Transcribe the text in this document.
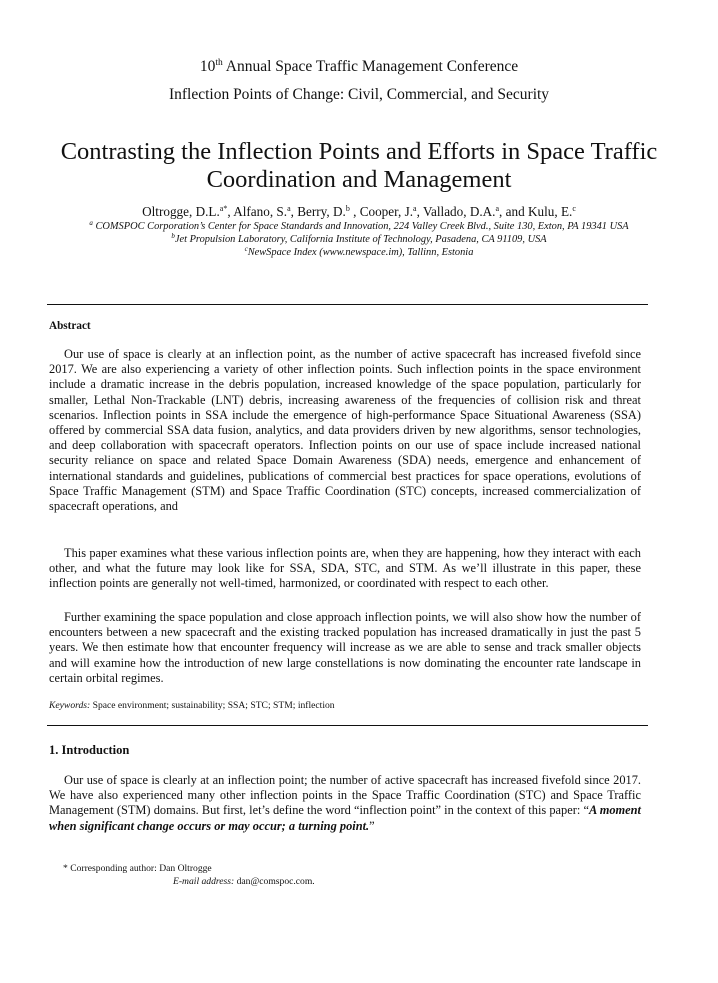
10th Annual Space Traffic Management Conference
Inflection Points of Change: Civil, Commercial, and Security
Contrasting the Inflection Points and Efforts in Space Traffic
Coordination and Management
Oltrogge, D.L.$^{a*}$, Alfano, S.$^a$, Berry, D.$^b$ , Cooper, J.$^a$, Vallado, D.A.$^a$, and Kulu, E.$^c$
$^a$ COMSPOC Corporation’s Center for Space Standards and Innovation, 224 Valley Creek Blvd., Suite 130, Exton, PA 19341 USA
$^b$Jet Propulsion Laboratory, California Institute of Technology, Pasadena, CA 91109, USA
$^c$NewSpace Index (www.newspace.im), Tallinn, Estonia
Abstract

Our use of space is clearly at an inflection point, as the number of active spacecraft has increased fivefold since 2017. We are also experiencing a variety of other inflection points. Such inflection points in the space environment include a dramatic increase in the debris population, increased knowledge of the space population, particularly for smaller, Lethal Non-Trackable (LNT) debris, increasing awareness of the frequencies of collision risk and threat scenarios. Inflection points in SSA include the emergence of high-performance Space Situational Awareness (SSA) offered by commercial SSA data fusion, analytics, and data providers driven by new algorithms, sensor technologies, and deep collaboration with spacecraft operators. Inflection points on our use of space include increased national security reliance on space and related Space Domain Awareness (SDA) needs, emergence and enhancement of international standards and guidelines, publications of commercial best practices for space operations, evolutions of Space Traffic Management (STM) and Space Traffic Coordination (STC) concepts, increased commercialization of spacecraft operations, and

This paper examines what these various inflection points are, when they are happening, how they interact with each other, and what the future may look like for SSA, SDA, STC, and STM. As we’ll illustrate in this paper, these inflection points are generally not well-timed, harmonized, or coordinated with respect to each other.

Further examining the space population and close approach inflection points, we will also show how the number of encounters between a new spacecraft and the existing tracked population has increased dramatically in just the past 5 years. We then estimate how that encounter frequency will increase as we are able to sense and track smaller objects and will examine how the introduction of new large constellations is now dominating the encounter rate landscape in certain orbital regimes.

Keywords: Space environment; sustainability; SSA; STC; STM; inflection
1. Introduction

Our use of space is clearly at an inflection point; the number of active spacecraft has increased fivefold since 2017. We have also experienced many other inflection points in the Space Traffic Coordination (STC) and Space Traffic Management (STM) domains. But first, let’s define the word “inflection point” in the context of this paper: “A moment when significant change occurs or may occur; a turning point.”

* Corresponding author: Dan Oltrogge
E-mail address: dan@comspoc.com.
